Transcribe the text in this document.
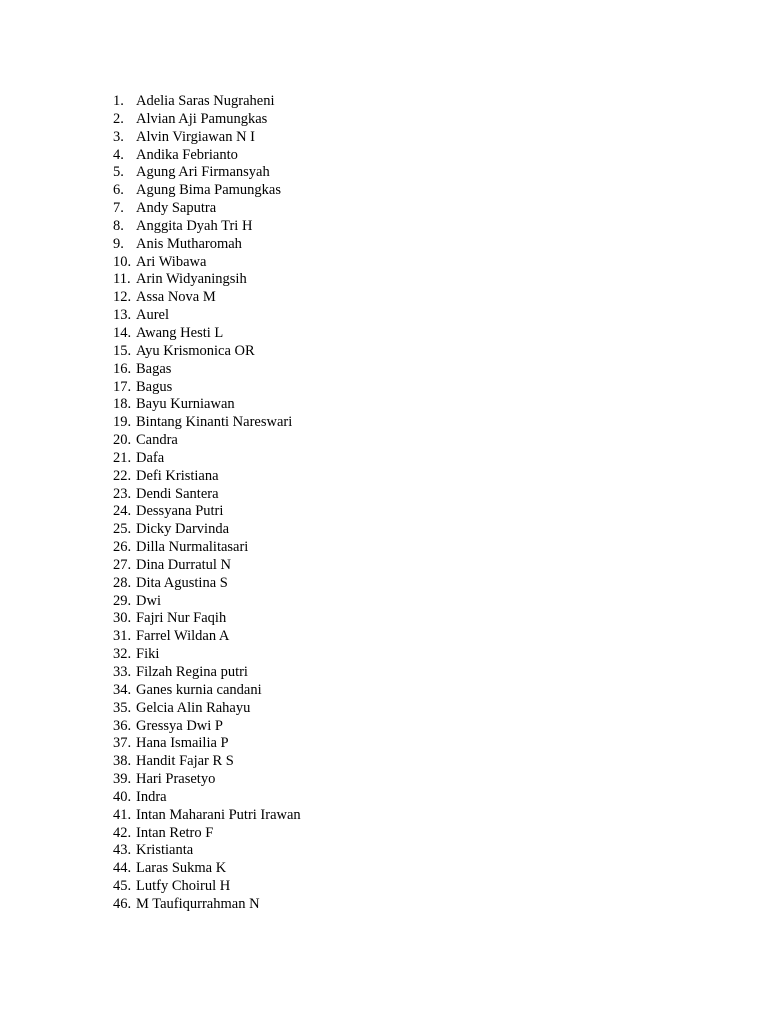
1. Adelia Saras Nugraheni
2. Alvian Aji Pamungkas
3. Alvin Virgiawan N I
4. Andika Febrianto
5. Agung Ari Firmansyah
6. Agung Bima Pamungkas
7. Andy Saputra
8. Anggita Dyah Tri H
9. Anis Mutharomah
10. Ari Wibawa
11. Arin Widyaningsih
12. Assa Nova M
13. Aurel
14. Awang Hesti L
15. Ayu Krismonica OR
16. Bagas
17. Bagus
18. Bayu Kurniawan
19. Bintang Kinanti Nareswari
20. Candra
21. Dafa
22. Defi Kristiana
23. Dendi Santera
24. Dessyana Putri
25. Dicky Darvinda
26. Dilla Nurmalitasari
27. Dina Durratul N
28. Dita Agustina S
29. Dwi
30. Fajri Nur Faqih
31. Farrel Wildan A
32. Fiki
33. Filzah Regina putri
34. Ganes kurnia candani
35. Gelcia Alin Rahayu
36. Gressya Dwi P
37. Hana Ismailia P
38. Handit Fajar R S
39. Hari Prasetyo
40. Indra
41. Intan Maharani Putri Irawan
42. Intan Retro F
43. Kristianta
44. Laras Sukma K
45. Lutfy Choirul H
46. M Taufiqurrahman N
